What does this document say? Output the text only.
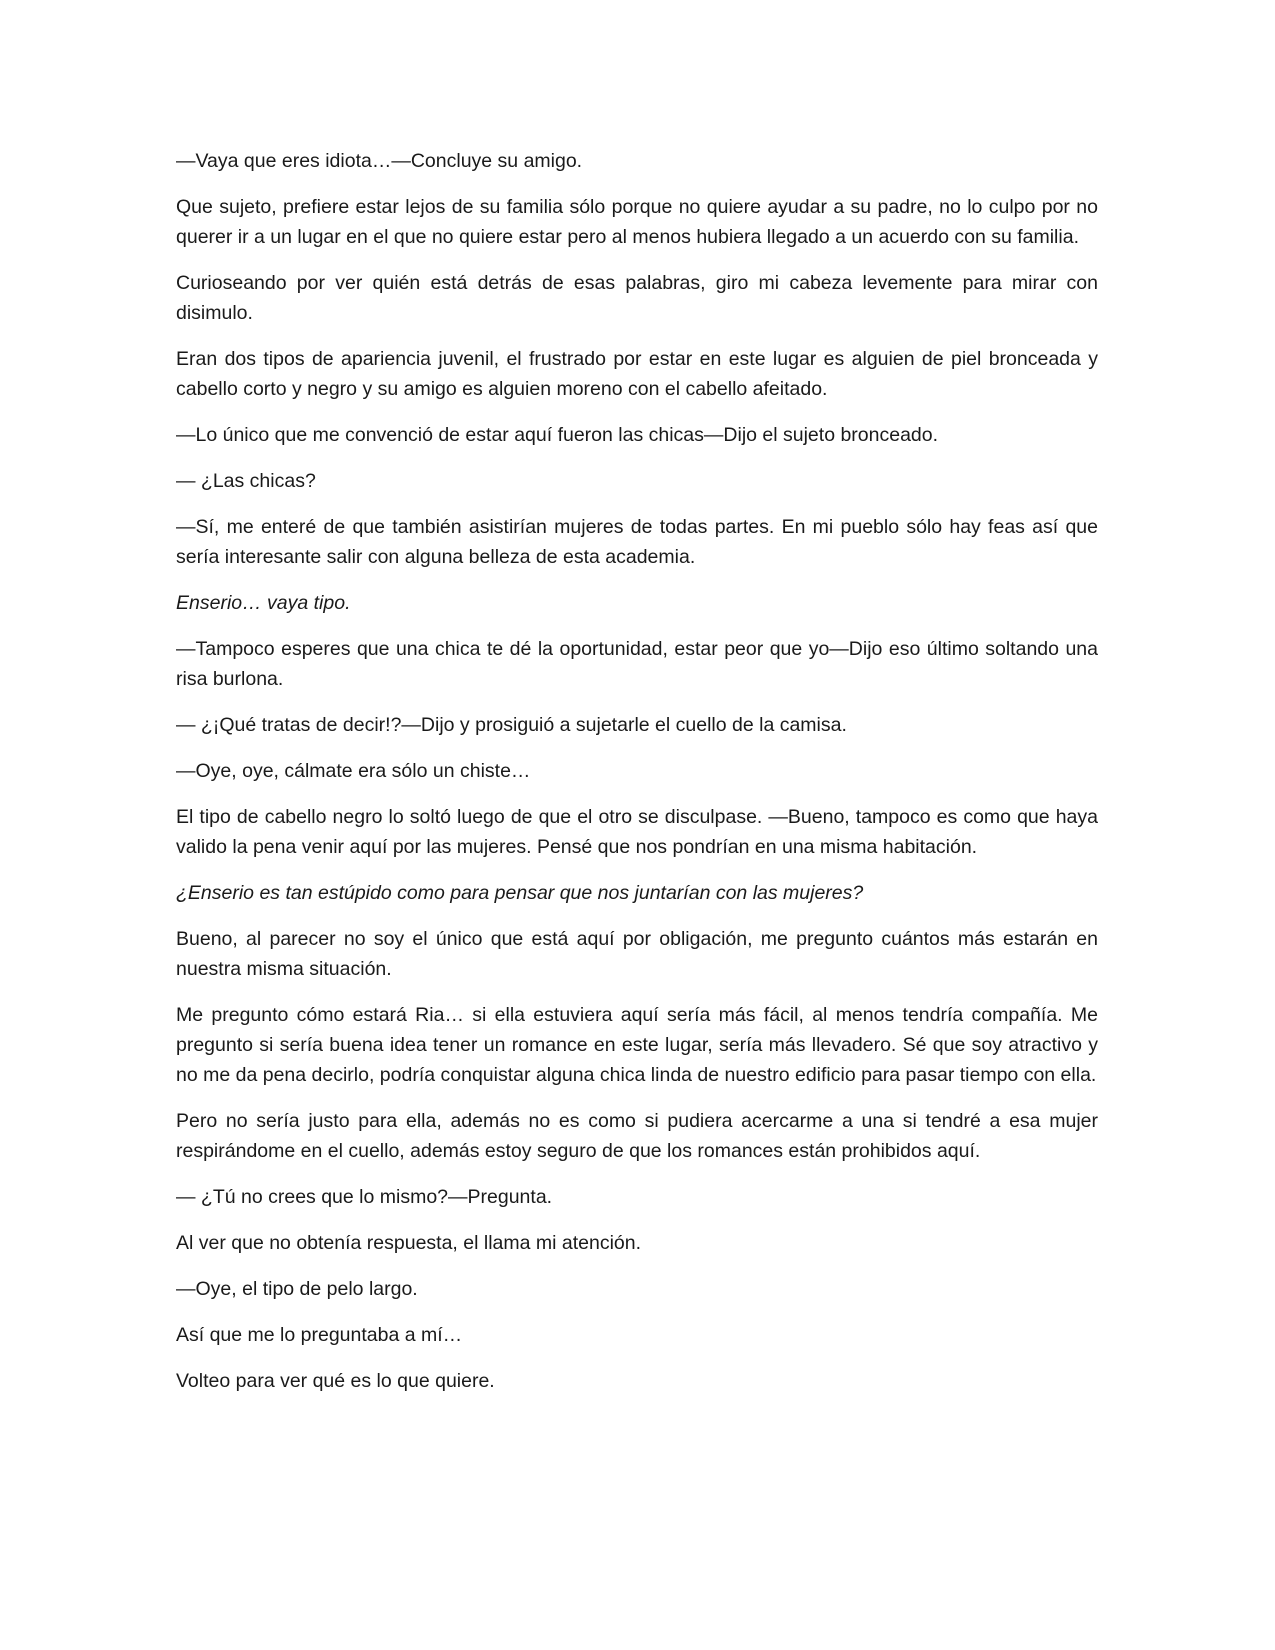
—Vaya que eres idiota…—Concluye su amigo.

Que sujeto, prefiere estar lejos de su familia sólo porque no quiere ayudar a su padre, no lo culpo por no querer ir a un lugar en el que no quiere estar pero al menos hubiera llegado a un acuerdo con su familia.

Curioseando por ver quién está detrás de esas palabras, giro mi cabeza levemente para mirar con disimulo.

Eran dos tipos de apariencia juvenil, el frustrado por estar en este lugar es alguien de piel bronceada y cabello corto y negro y su amigo es alguien moreno con el cabello afeitado.

—Lo único que me convenció de estar aquí fueron las chicas—Dijo el sujeto bronceado.

— ¿Las chicas?

—Sí, me enteré de que también asistirían mujeres de todas partes. En mi pueblo sólo hay feas así que sería interesante salir con alguna belleza de esta academia.

Enserio… vaya tipo.

—Tampoco esperes que una chica te dé la oportunidad, estar peor que yo—Dijo eso último soltando una risa burlona.

— ¿¡Qué tratas de decir!?—Dijo y prosiguió a sujetarle el cuello de la camisa.

—Oye, oye, cálmate era sólo un chiste…

El tipo de cabello negro lo soltó luego de que el otro se disculpase. —Bueno, tampoco es como que haya valido la pena venir aquí por las mujeres. Pensé que nos pondrían en una misma habitación.

¿Enserio es tan estúpido como para pensar que nos juntarían con las mujeres?

Bueno, al parecer no soy el único que está aquí por obligación, me pregunto cuántos más estarán en nuestra misma situación.

Me pregunto cómo estará Ria… si ella estuviera aquí sería más fácil, al menos tendría compañía. Me pregunto si sería buena idea tener un romance en este lugar, sería más llevadero. Sé que soy atractivo y no me da pena decirlo, podría conquistar alguna chica linda de nuestro edificio para pasar tiempo con ella.

Pero no sería justo para ella, además no es como si pudiera acercarme a una si tendré a esa mujer respirándome en el cuello, además estoy seguro de que los romances están prohibidos aquí.

— ¿Tú no crees que lo mismo?—Pregunta.

Al ver que no obtenía respuesta, el llama mi atención.

—Oye, el tipo de pelo largo.

Así que me lo preguntaba a mí…

Volteo para ver qué es lo que quiere.
